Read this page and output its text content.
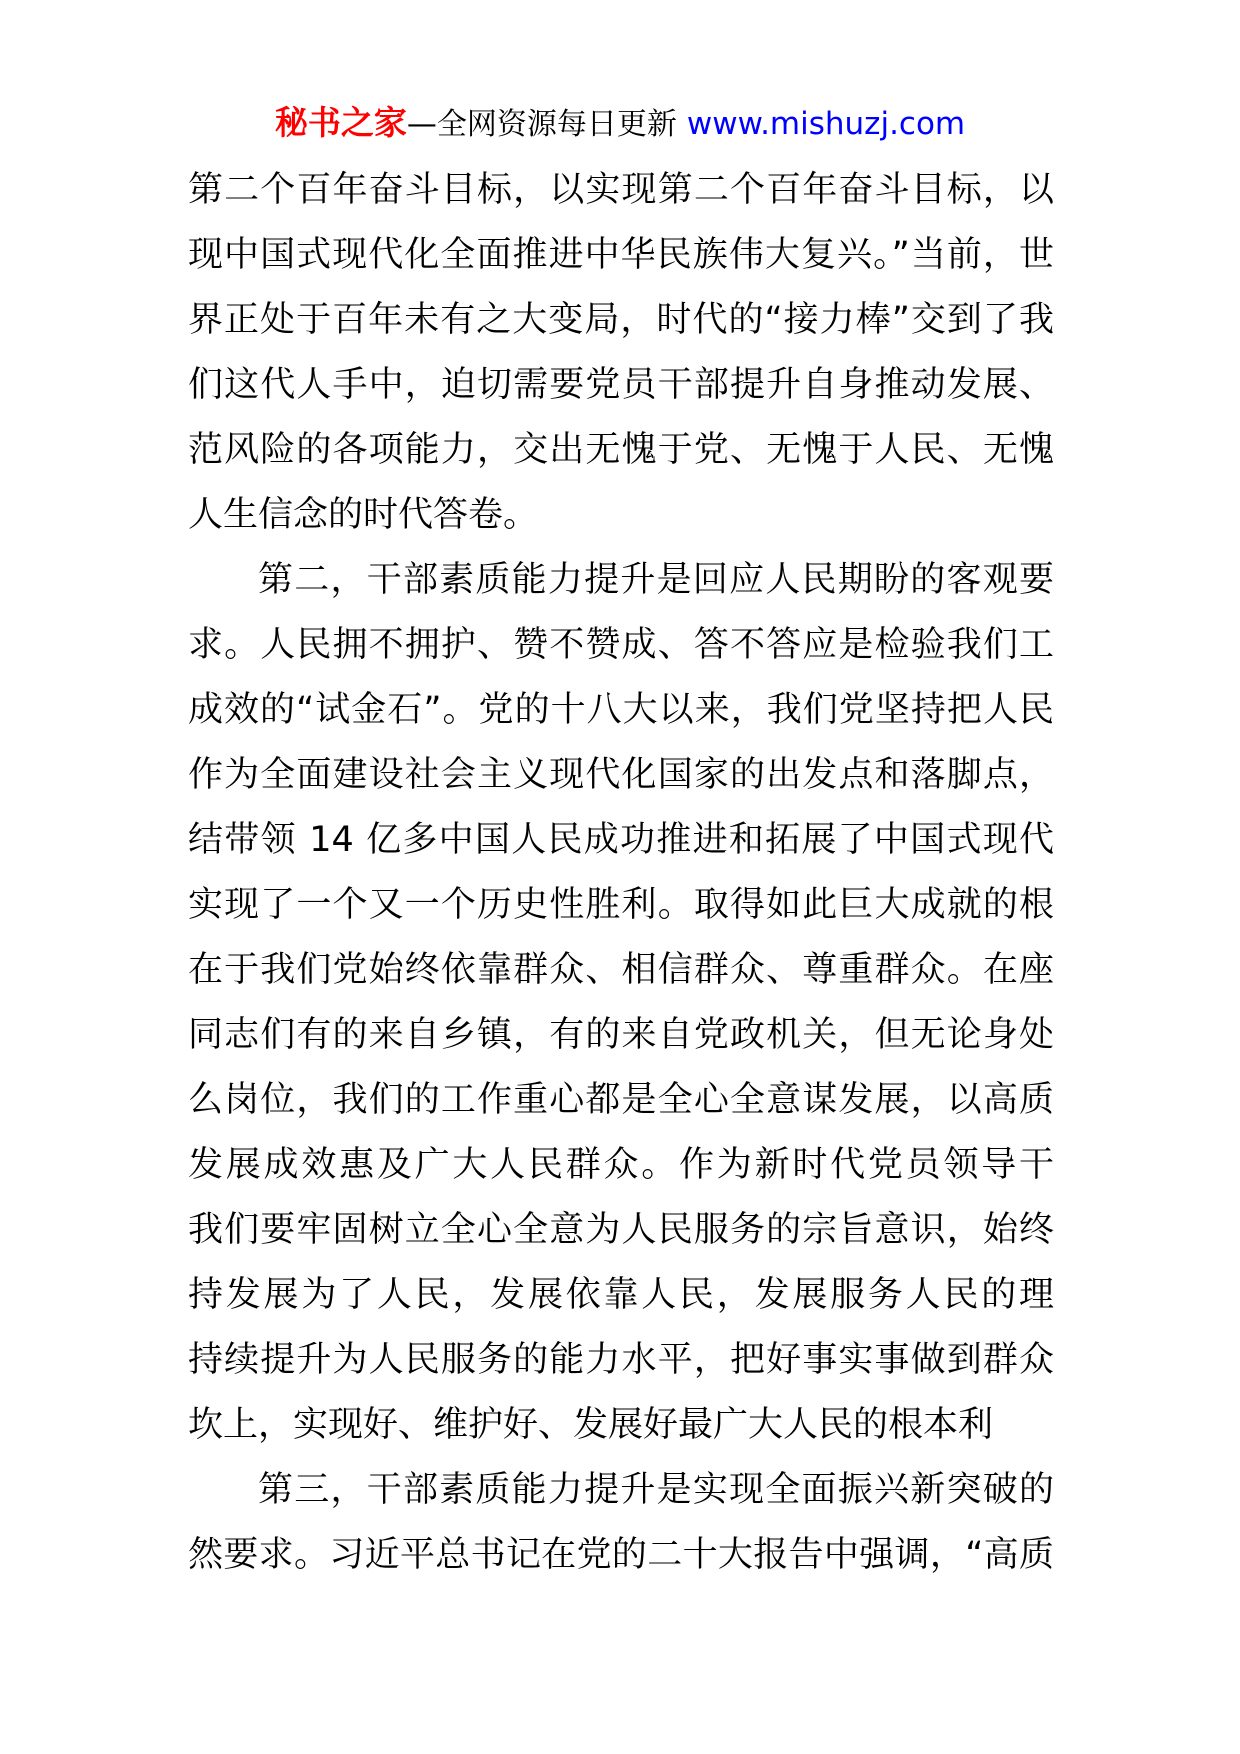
秘书之家—全网资源每日更新 www.mishuzj.com
第二个百年奋斗目标，以实现第二个百年奋斗目标，以
现中国式现代化全面推进中华民族伟大复兴。”当前，世
界正处于百年未有之大变局，时代的“接力棒”交到了我
们这代人手中，迫切需要党员干部提升自身推动发展、
范风险的各项能力，交出无愧于党、无愧于人民、无愧
人生信念的时代答卷。
第二，干部素质能力提升是回应人民期盼的客观要
求。人民拥不拥护、赞不赞成、答不答应是检验我们工
成效的“试金石”。党的十八大以来，我们党坚持把人民
作为全面建设社会主义现代化国家的出发点和落脚点，
结带领 14 亿多中国人民成功推进和拓展了中国式现代
实现了一个又一个历史性胜利。取得如此巨大成就的根
在于我们党始终依靠群众、相信群众、尊重群众。在座
同志们有的来自乡镇，有的来自党政机关，但无论身处
么岗位，我们的工作重心都是全心全意谋发展，以高质
发展成效惠及广大人民群众。作为新时代党员领导干
我们要牢固树立全心全意为人民服务的宗旨意识，始终
持发展为了人民，发展依靠人民，发展服务人民的理
持续提升为人民服务的能力水平，把好事实事做到群众
坎上，实现好、维护好、发展好最广大人民的根本利
第三，干部素质能力提升是实现全面振兴新突破的
然要求。习近平总书记在党的二十大报告中强调，“高质
